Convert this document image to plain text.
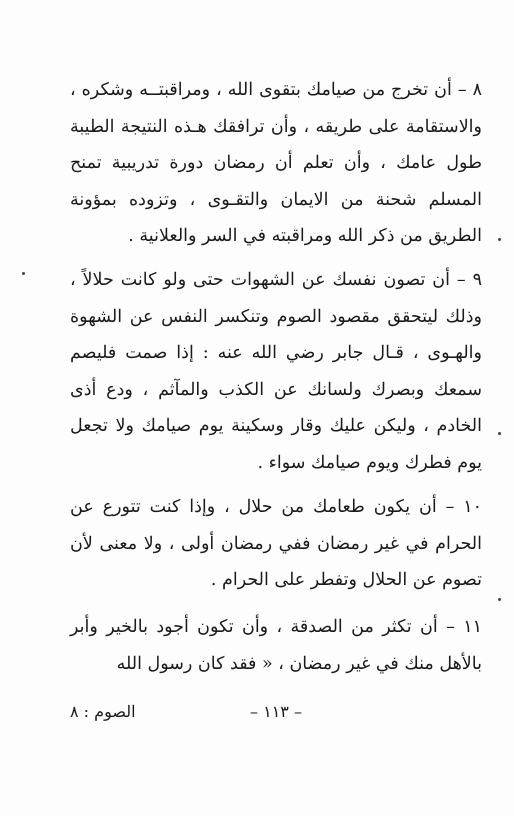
٨ – أن تخرج من صيامك بتقوى الله ، ومراقبتــه وشكره ، والاستقامة على طريقه ، وأن ترافقك هـذه النتيجة الطيبة طول عامك ، وأن تعلم أن رمضان دورة تدريبية تمنح المسلم شحنة من الايمان والتقـوى ، وتزوده بمؤونة الطريق من ذكر الله ومراقبته في السر والعلانية .

٩ – أن تصون نفسك عن الشهوات حتى ولو كانت حلالاً ، وذلك ليتحقق مقصود الصوم وتنكسر النفس عن الشهوة والهـوى ، قـال جابر رضي الله عنه : إذا صمت فليصم سمعك وبصرك ولسانك عن الكذب والمآثم ، ودع أذى الخادم ، وليكن عليك وقار وسكينة يوم صيامك ولا تجعل يوم فطرك ويوم صيامك سواء .

١٠ – أن يكون طعامك من حلال ، وإذا كنت تتورع عن الحرام في غير رمضان ففي رمضان أولى ، ولا معنى لأن تصوم عن الحلال وتفطر على الحرام .

١١ – أن تكثر من الصدقة ، وأن تكون أجود بالخير وأبر بالأهل منك في غير رمضان ، « فقد كان رسول الله

– ١١٣ –
الصوم : ٨
